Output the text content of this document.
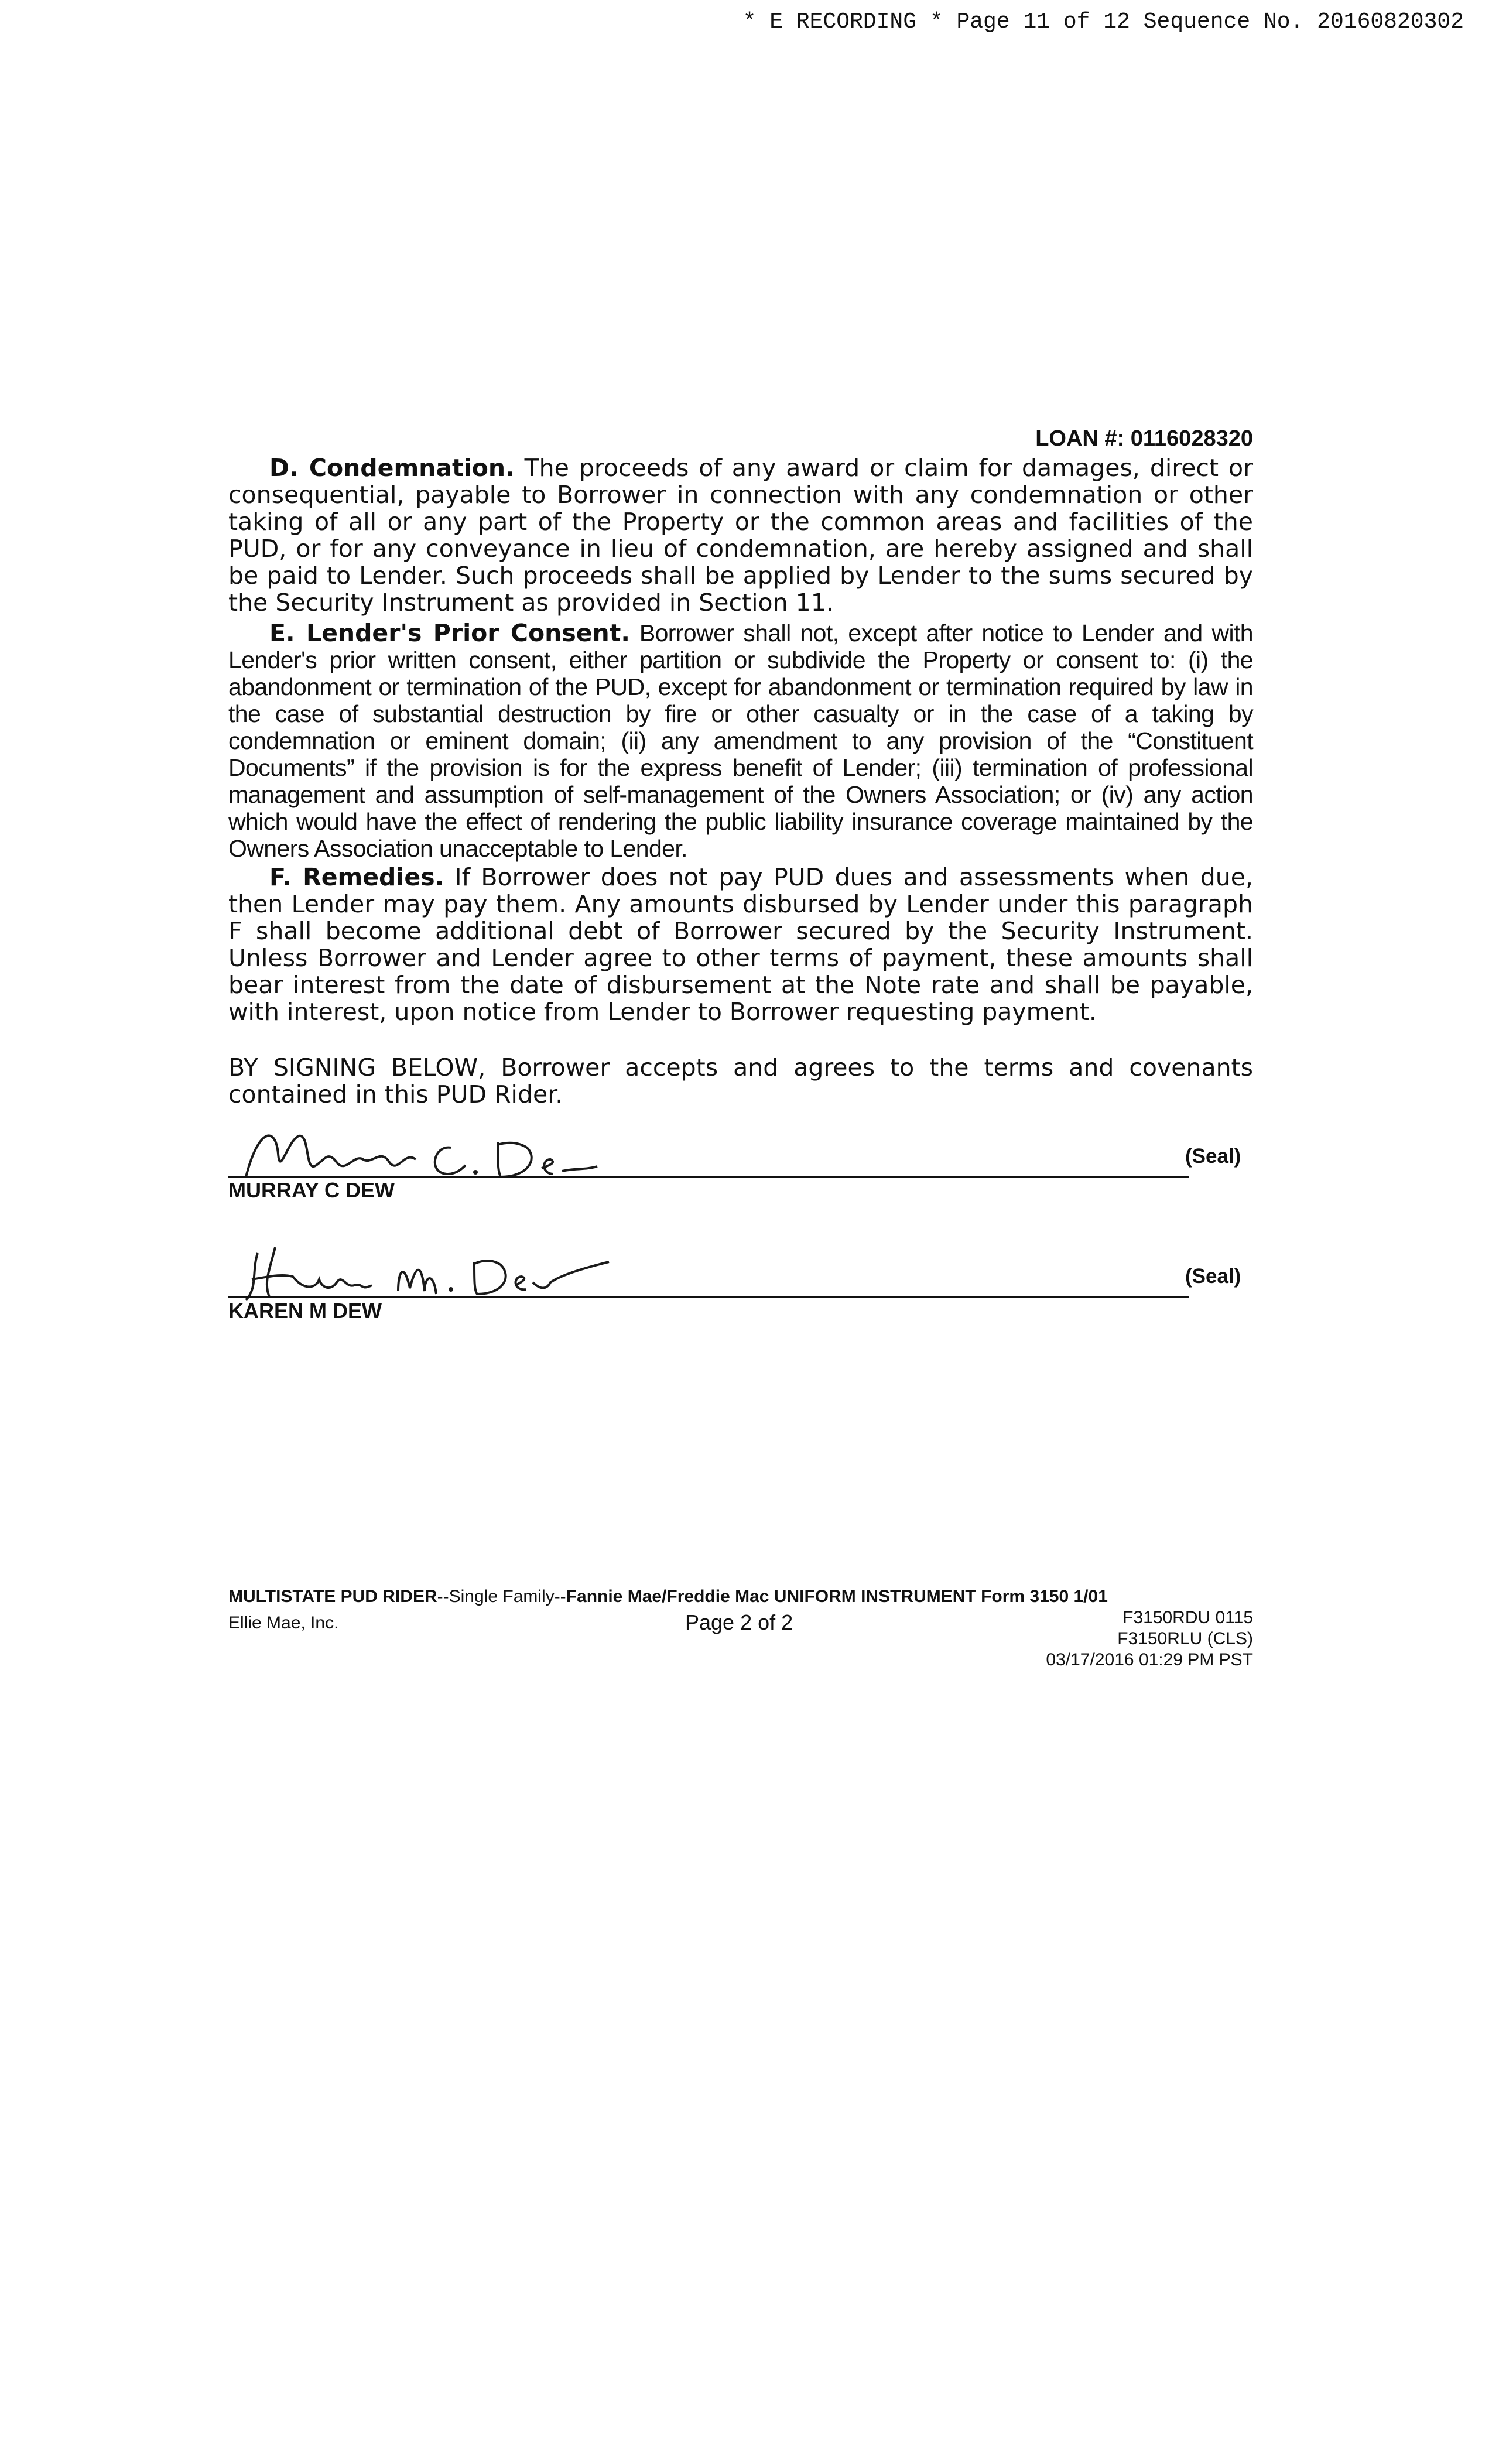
* E RECORDING * Page 11 of 12 Sequence No. 20160820302
LOAN #: 0116028320
D. Condemnation. The proceeds of any award or claim for damages, direct or consequential, payable to Borrower in connection with any condemnation or other taking of all or any part of the Property or the common areas and facilities of the PUD, or for any conveyance in lieu of condemnation, are hereby assigned and shall be paid to Lender. Such proceeds shall be applied by Lender to the sums secured by the Security Instrument as provided in Section 11.
E. Lender's Prior Consent. Borrower shall not, except after notice to Lender and with Lender's prior written consent, either partition or subdivide the Property or consent to: (i) the abandonment or termination of the PUD, except for abandonment or termination required by law in the case of substantial destruction by fire or other casualty or in the case of a taking by condemnation or eminent domain; (ii) any amendment to any provision of the “Constituent Documents” if the provision is for the express benefit of Lender; (iii) termination of professional management and assumption of self-management of the Owners Association; or (iv) any action which would have the effect of rendering the public liability insurance coverage maintained by the Owners Association unacceptable to Lender.
F. Remedies. If Borrower does not pay PUD dues and assessments when due, then Lender may pay them. Any amounts disbursed by Lender under this paragraph F shall become additional debt of Borrower secured by the Security Instrument. Unless Borrower and Lender agree to other terms of payment, these amounts shall bear interest from the date of disbursement at the Note rate and shall be payable, with interest, upon notice from Lender to Borrower requesting payment.
BY SIGNING BELOW, Borrower accepts and agrees to the terms and covenants contained in this PUD Rider.
(Seal)
MURRAY C DEW
(Seal)
KAREN M DEW
MULTISTATE PUD RIDER--Single Family--Fannie Mae/Freddie Mac UNIFORM INSTRUMENT Form 3150 1/01
Ellie Mae, Inc.	Page 2 of 2	F3150RDU 0115
F3150RLU (CLS)
03/17/2016 01:29 PM PST
